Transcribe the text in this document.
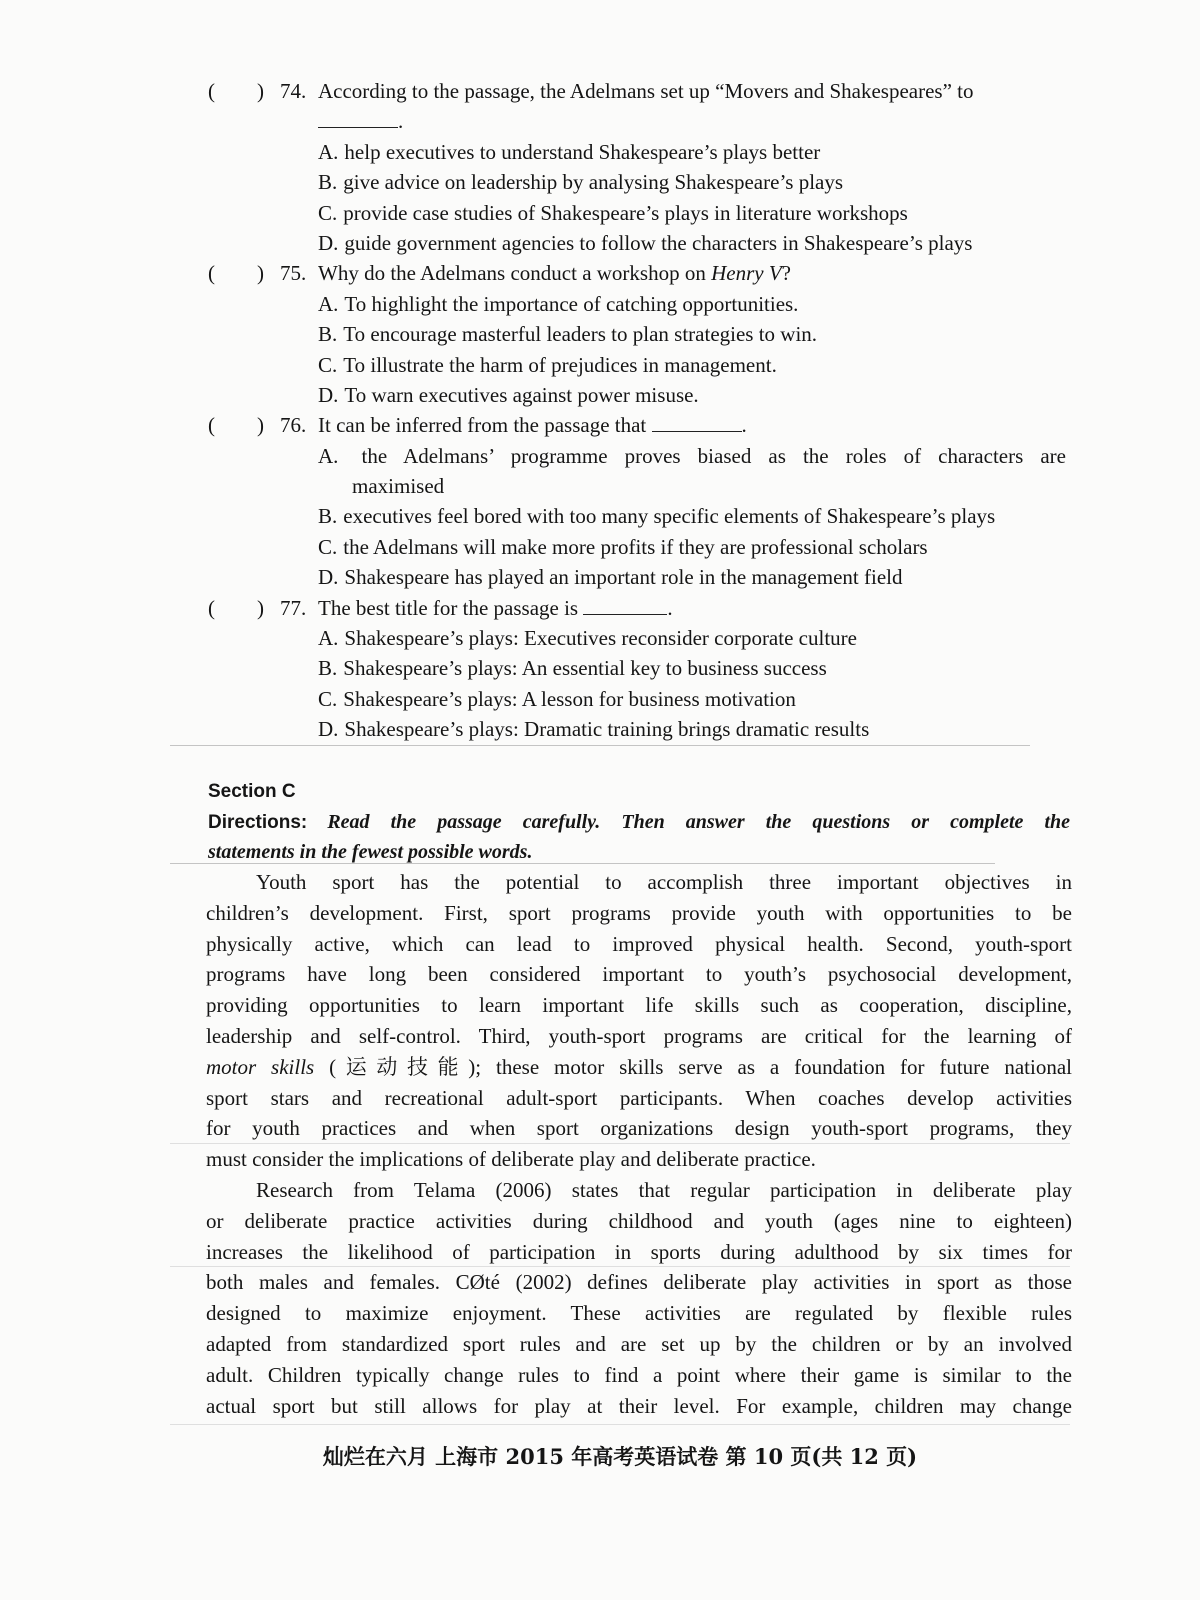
(　　) 74. According to the passage, the Adelmans set up “Movers and Shakespeares” to
.
A. help executives to understand Shakespeare’s plays better
B. give advice on leadership by analysing Shakespeare’s plays
C. provide case studies of Shakespeare’s plays in literature workshops
D. guide government agencies to follow the characters in Shakespeare’s plays
(　　) 75. Why do the Adelmans conduct a workshop on Henry V?
A. To highlight the importance of catching opportunities.
B. To encourage masterful leaders to plan strategies to win.
C. To illustrate the harm of prejudices in management.
D. To warn executives against power misuse.
(　　) 76. It can be inferred from the passage that	.
A. the Adelmans’ programme proves biased as the roles of characters are
maximised
B. executives feel bored with too many specific elements of Shakespeare’s plays
C. the Adelmans will make more profits if they are professional scholars
D. Shakespeare has played an important role in the management field
(　　) 77. The best title for the passage is	.
A. Shakespeare’s plays: Executives reconsider corporate culture
B. Shakespeare’s plays: An essential key to business success
C. Shakespeare’s plays: A lesson for business motivation
D. Shakespeare’s plays: Dramatic training brings dramatic results
Section C
Directions: Read the passage carefully. Then answer the questions or complete the
statements in the fewest possible words.
Youth sport has the potential to accomplish three important objectives in
children’s development. First, sport programs provide youth with opportunities to be
physically active, which can lead to improved physical health. Second, youth-sport
programs have long been considered important to youth’s psychosocial development,
providing opportunities to learn important life skills such as cooperation, discipline,
leadership and self-control. Third, youth-sport programs are critical for the learning of
motor skills (运动技能); these motor skills serve as a foundation for future national
sport stars and recreational adult-sport participants. When coaches develop activities
for youth practices and when sport organizations design youth-sport programs, they
must consider the implications of deliberate play and deliberate practice.
Research from Telama (2006) states that regular participation in deliberate play
or deliberate practice activities during childhood and youth (ages nine to eighteen)
increases the likelihood of participation in sports during adulthood by six times for
both males and females. CØté (2002) defines deliberate play activities in sport as those
designed to maximize enjoyment. These activities are regulated by flexible rules
adapted from standardized sport rules and are set up by the children or by an involved
adult. Children typically change rules to find a point where their game is similar to the
actual sport but still allows for play at their level. For example, children may change
灿烂在六月 上海市 2015 年高考英语试卷 第 10 页(共 12 页)
